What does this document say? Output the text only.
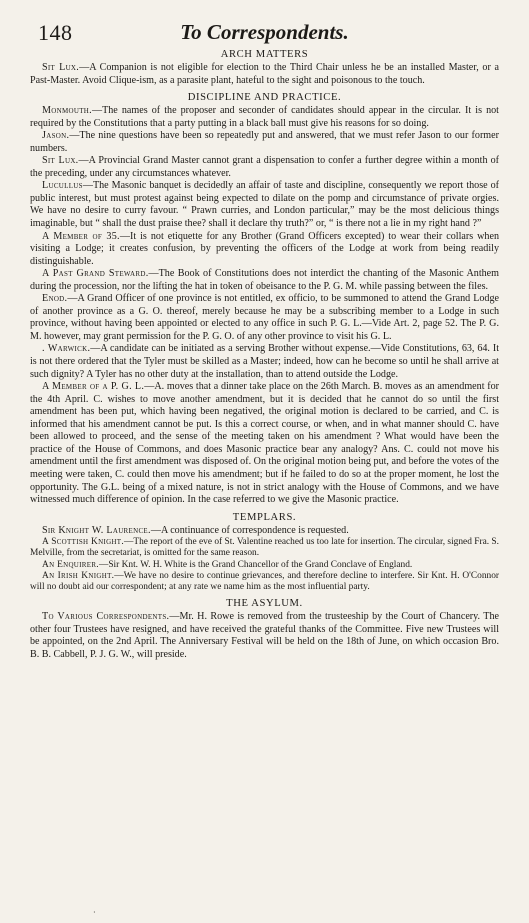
148	To Correspondents.
ARCH MATTERS

Sit Lux.—A Companion is not eligible for election to the Third Chair unless he be an installed Master, or a Past-Master. Avoid Clique-ism, as a parasite plant, hateful to the sight and poisonous to the touch.

DISCIPLINE AND PRACTICE.

Monmouth.—The names of the proposer and seconder of candidates should appear in the circular. It is not required by the Constitutions that a party putting in a black ball must give his reasons for so doing.

Jason.—The nine questions have been so repeatedly put and answered, that we must refer Jason to our former numbers.

Sit Lux.—A Provincial Grand Master cannot grant a dispensation to confer a further degree within a month of the preceding, under any circumstances whatever.

Lucullus—The Masonic banquet is decidedly an affair of taste and discipline, consequently we report those of public interest, but must protest against being expected to dilate on the pomp and circumstance of private orgies. We have no desire to curry favour. “ Prawn curries, and London particular,” may be the most delicious things imaginable, but “ shall the dust praise thee? shall it declare thy truth?” or, “ is there not a lie in my right hand ?”

A Member of 35.—It is not etiquette for any Brother (Grand Officers excepted) to wear their collars when visiting a Lodge; it creates confusion, by preventing the officers of the Lodge at work from being readily distinguishable.

A Past Grand Steward.—The Book of Constitutions does not interdict the chanting of the Masonic Anthem during the procession, nor the lifting the hat in token of obeisance to the P. G. M. while passing between the files.

Enod.—A Grand Officer of one province is not entitled, ex officio, to be summoned to attend the Grand Lodge of another province as a G. O. thereof, merely because he may be a subscribing member to a Lodge in such province, without having been appointed or elected to any office in such P. G. L.—Vide Art. 2, page 52. The P. G. M. however, may grant permission for the P. G. O. of any other province to visit his G. L.

. Warwick.—A candidate can be initiated as a serving Brother without expense.—Vide Constitutions, 63, 64. It is not there ordered that the Tyler must be skilled as a Master; indeed, how can he become so until he shall arrive at such dignity? A Tyler has no other duty at the installation, than to attend outside the Lodge.

A Member of a P. G. L.—A. moves that a dinner take place on the 26th March. B. moves as an amendment for the 4th April. C. wishes to move another amendment, but it is decided that he cannot do so until the first amendment has been put, which having been negatived, the original motion is declared to be carried, and C. is informed that his amendment cannot be put. Is this a correct course, or when, and in what manner should C. have been allowed to proceed, and the sense of the meeting taken on his amendment ? What would have been the practice of the House of Commons, and does Masonic practice bear any analogy? Ans. C. could not move his amendment until the first amendment was disposed of. On the original motion being put, and before the votes of the meeting were taken, C. could then move his amendment; but if he failed to do so at the proper moment, he lost the opportunity. The G.L. being of a mixed nature, is not in strict analogy with the House of Commons, and we have witnessed much difference of opinion. In the case referred to we give the Masonic practice.

TEMPLARS.

Sir Knight W. Laurence.—A continuance of correspondence is requested.

A Scottish Knight.—The report of the eve of St. Valentine reached us too late for insertion. The circular, signed Fra. S. Melville, from the secretariat, is omitted for the same reason.

An Enquirer.—Sir Knt. W. H. White is the Grand Chancellor of the Grand Conclave of England.

An Irish Knight.—We have no desire to continue grievances, and therefore decline to interfere. Sir Knt. H. O'Connor will no doubt aid our correspondent; at any rate we name him as the most influential party.

THE ASYLUM.

To Various Correspondents.—Mr. H. Rowe is removed from the trusteeship by the Court of Chancery. The other four Trustees have resigned, and have received the grateful thanks of the Committee. Five new Trustees will be appointed, on the 2nd April. The Anniversary Festival will be held on the 18th of June, on which occasion Bro. B. B. Cabbell, P. J. G. W., will preside.

·
